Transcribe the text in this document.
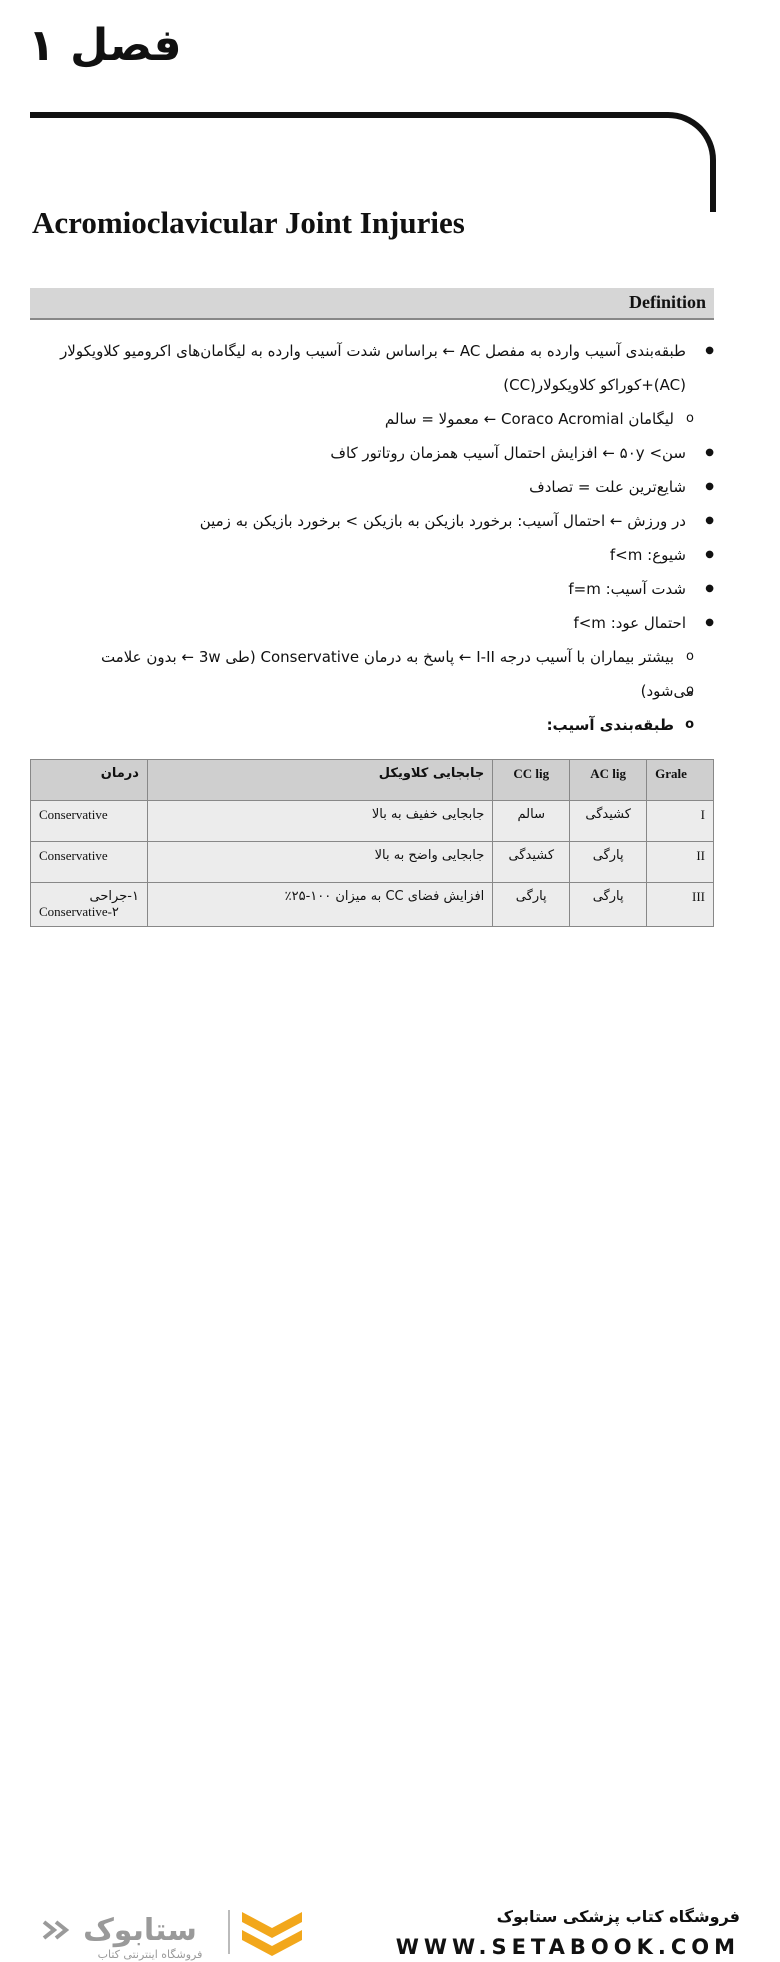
فصل ۱
Acromioclavicular Joint Injuries
Definition
● طبقه‌بندی آسیب وارده به مفصل AC ← براساس شدت آسیب وارده به لیگامان‌های اکرومیو کلاویکولار
(AC)+کوراکو کلاویکولار(CC)
o لیگامان Coraco Acromial ← معمولا = سالم
● سن> ۵۰y ← افزایش احتمال آسیب همزمان روتاتور کاف
● شایع‌ترین علت = تصادف
● در ورزش ← احتمال آسیب: برخورد بازیکن به بازیکن > برخورد بازیکن به زمین
● شیوع: f<m
● شدت آسیب: f=m
● احتمال عود: f<m
o بیشتر بیماران با آسیب درجه I-II ← پاسخ به درمان Conservative (طی 3w ← بدون علامت
o می‌شود)
o طبقه‌بندی آسیب:
Grale	AC lig	CC lig	جابجایی کلاویکل	درمان
I	کشیدگی	سالم	جابجایی خفیف به بالا	Conservative
II	پارگی	کشیدگی	جابجایی واضح به بالا	Conservative
III	پارگی	پارگی	افزایش فضای CC به میزان ۱۰۰-۲۵٪	۱-جراحی
Conservative-۲
ستابوک
فروشگاه اینترنتی کتاب
فروشگاه کتاب پزشکی ستابوک
WWW.SETABOOK.COM
